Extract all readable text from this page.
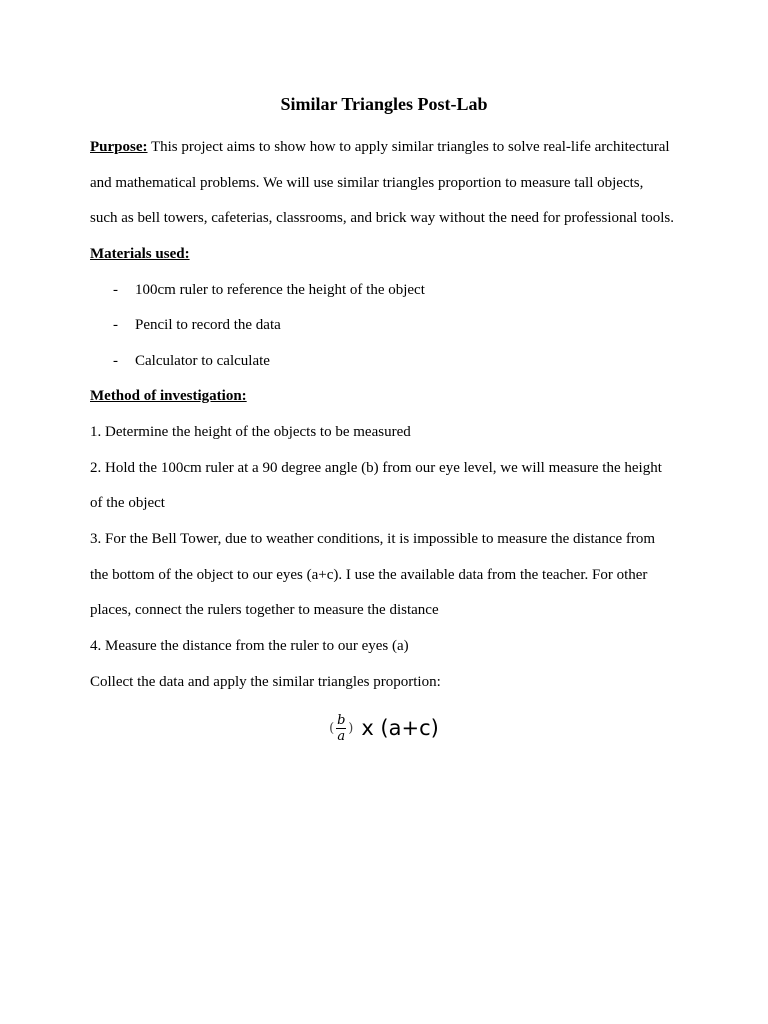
Similar Triangles Post-Lab
Purpose: This project aims to show how to apply similar triangles to solve real-life architectural
and mathematical problems. We will use similar triangles proportion to measure tall objects,
such as bell towers, cafeterias, classrooms, and brick way without the need for professional tools.
Materials used:
- 100cm ruler to reference the height of the object
- Pencil to record the data
- Calculator to calculate
Method of investigation:
1. Determine the height of the objects to be measured
2. Hold the 100cm ruler at a 90 degree angle (b) from our eye level, we will measure the height
of the object
3. For the Bell Tower, due to weather conditions, it is impossible to measure the distance from
the bottom of the object to our eyes (a+c). I use the available data from the teacher. For other
places, connect the rulers together to measure the distance
4. Measure the distance from the ruler to our eyes (a)
Collect the data and apply the similar triangles proportion:
( $\frac{b}{a}$ ) x (a+c)
